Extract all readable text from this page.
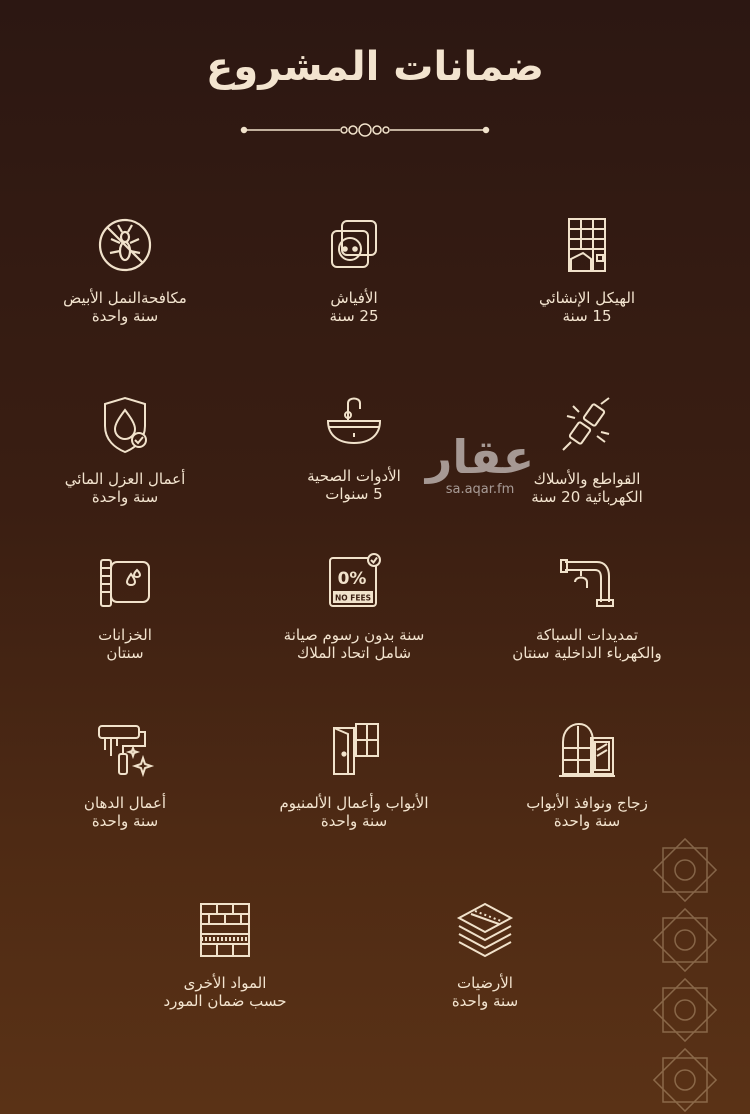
ضمانات المشروع
الهيكل الإنشائي
15 سنة
الأفياش
25 سنة
مكافحةالنمل الأبيض
سنة واحدة
القواطع والأسلاك
الكهربائية 20 سنة
الأدوات الصحية
5 سنوات
أعمال العزل المائي
سنة واحدة
تمديدات السباكة
والكهرباء الداخلية سنتان
0%
NO FEES
سنة بدون رسوم صيانة
شامل اتحاد الملاك
الخزانات
سنتان
زجاج ونوافذ الأبواب
سنة واحدة
الأبواب وأعمال الألمنيوم
سنة واحدة
أعمال الدهان
سنة واحدة
الأرضيات
سنة واحدة
المواد الأخرى
حسب ضمان المورد
عقار
sa.aqar.fm
